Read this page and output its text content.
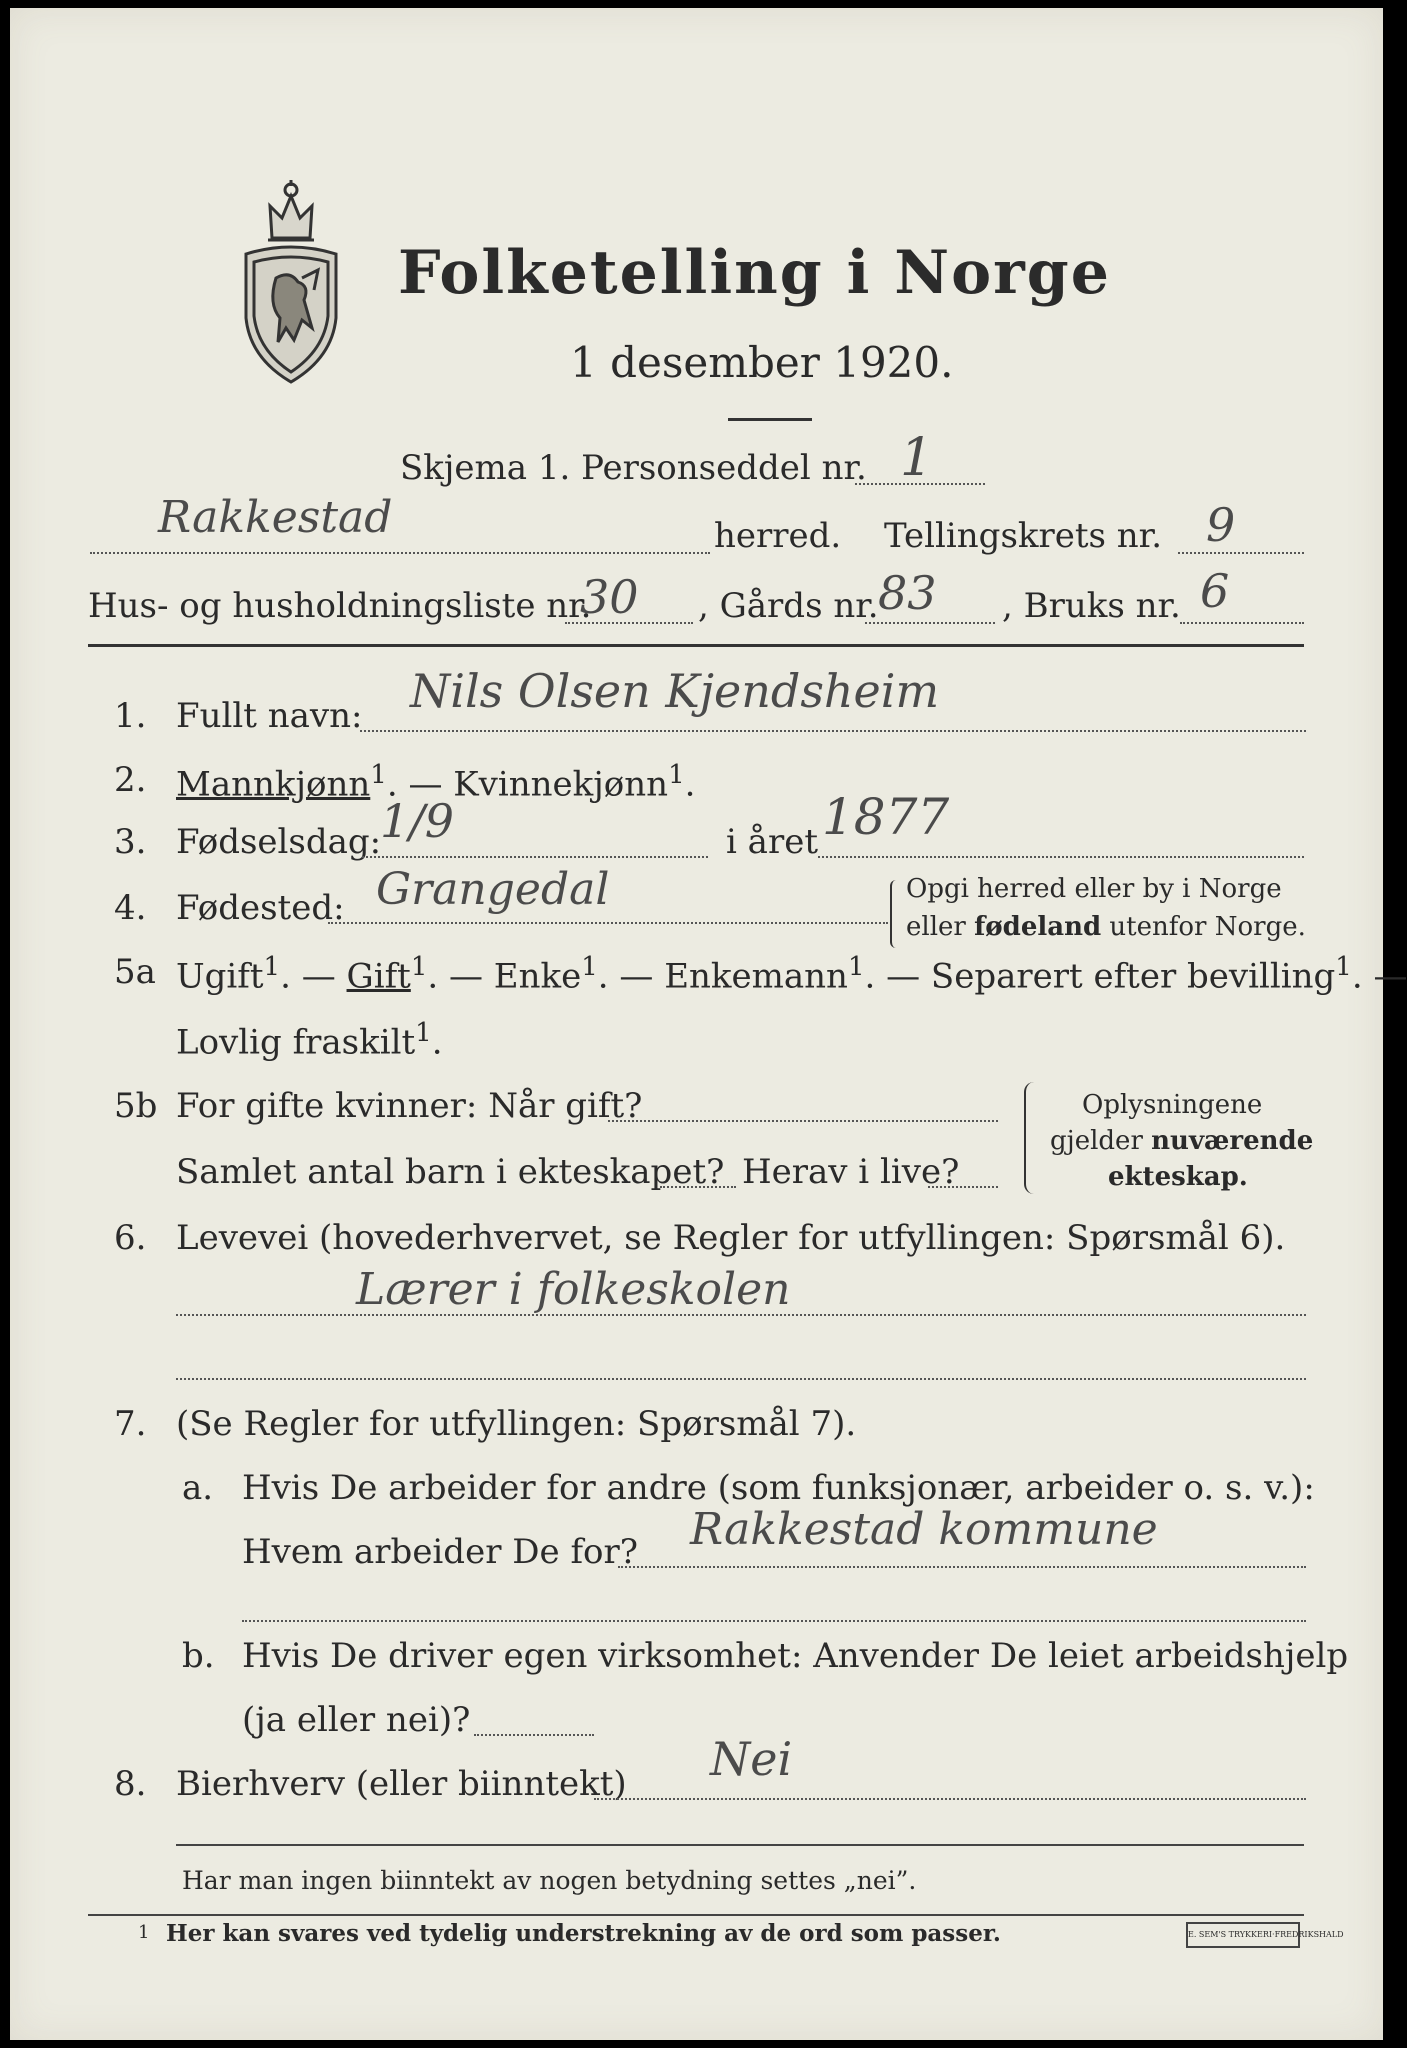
Folketelling i Norge
1 desember 1920.
Skjema 1. Personseddel nr. 1
Rakkestad	herred. Tellingskrets nr. 9
Hus- og husholdningsliste nr.
30 , Gårds nr. 83 , Bruks nr. 6
1. Fullt navn: Nils Olsen Kjendsheim
2. Mannkjønn$^1$. — Kvinnekjønn$^1$.
3. Fødselsdag:
1/9	i året 1877
4. Fødested: Grangedal	Opgi herred eller by i Norge
eller fødeland utenfor Norge.
5a Ugift$^1$. — Gift$^1$. — Enke$^1$. — Enkemann$^1$. — Separert efter bevilling$^1$. —
Lovlig fraskilt$^1$.
5b For gifte kvinner: Når gift?
Samlet antal barn i ekteskapet? Herav i live?
Oplysningene
gjelder nuværende
ekteskap.
6. Levevei (hovederhvervet, se Regler for utfyllingen: Spørsmål 6).
Lærer i folkeskolen
7. (Se Regler for utfyllingen: Spørsmål 7).
a. Hvis De arbeider for andre (som funksjonær, arbeider o. s. v.):
Hvem arbeider De for? Rakkestad kommune
b. Hvis De driver egen virksomhet: Anvender De leiet arbeidshjelp
(ja eller nei)?
8. Bierhverv (eller biinntekt) Nei
Har man ingen biinntekt av nogen betydning settes „nei”.
1 Her kan svares ved tydelig understrekning av de ord som passer.	E. SEM'S TRYKKERI·FREDRIKSHALD
